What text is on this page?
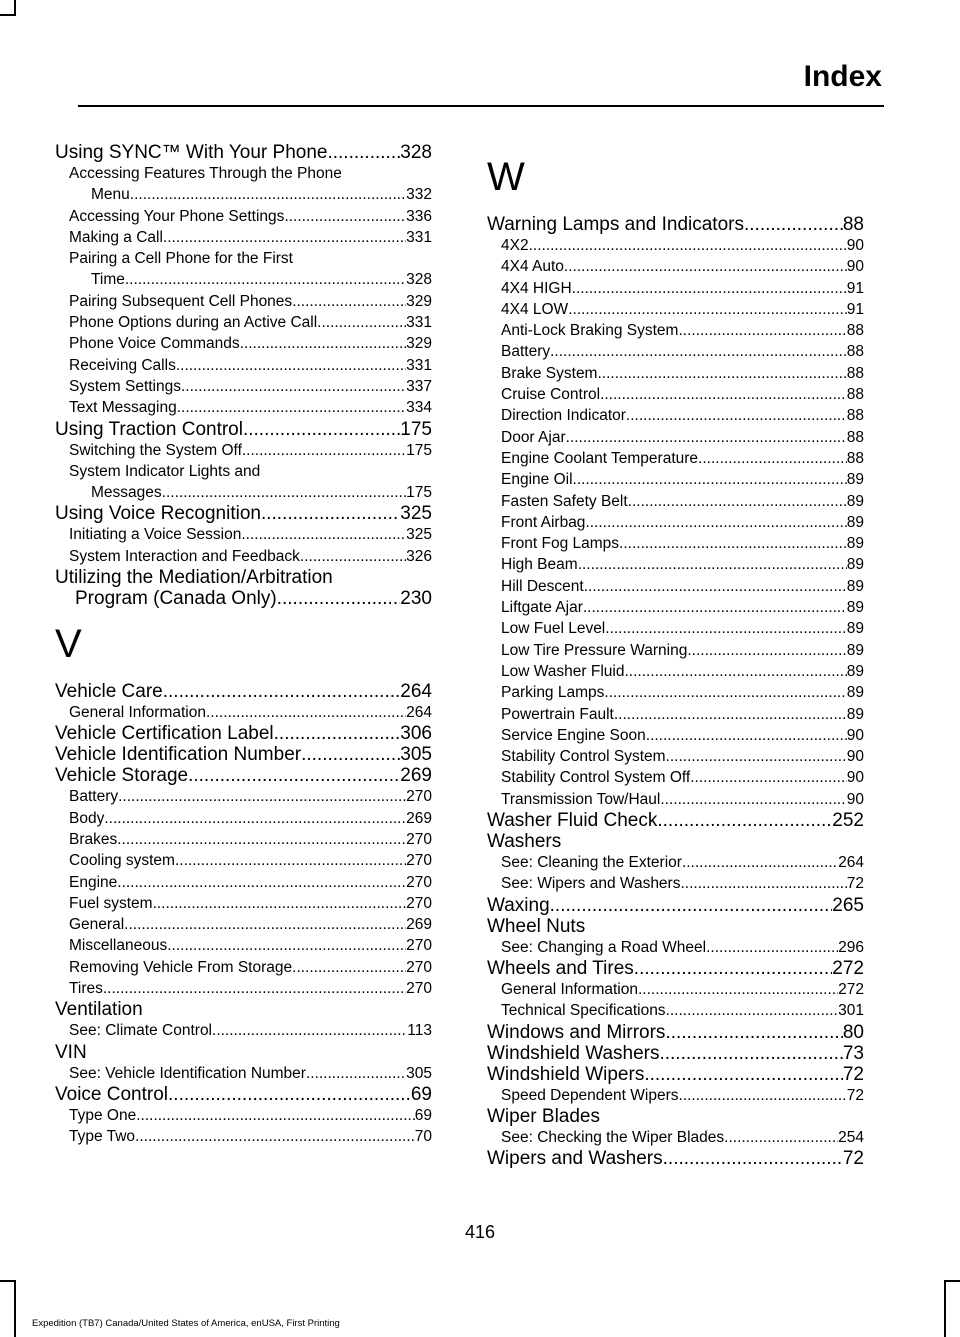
Index
Using SYNC™ With Your Phone .....	328
Accessing Features Through the Phone
Menu .....	332
Accessing Your Phone Settings .....	336
Making a Call .....	331
Pairing a Cell Phone for the First
Time .....	328
Pairing Subsequent Cell Phones .....	329
Phone Options during an Active Call .....	331
Phone Voice Commands .....	329
Receiving Calls .....	331
System Settings .....	337
Text Messaging .....	334
Using Traction Control .....	175
Switching the System Off .....	175
System Indicator Lights and
Messages .....	175
Using Voice Recognition .....	325
Initiating a Voice Session .....	325
System Interaction and Feedback .....	326
Utilizing the Mediation/Arbitration
Program (Canada Only) .....	230
V
Vehicle Care .....	264
General Information .....	264
Vehicle Certification Label .....	306
Vehicle Identification Number .....	305
Vehicle Storage .....	269
Battery .....	270
Body .....	269
Brakes .....	270
Cooling system .....	270
Engine .....	270
Fuel system .....	270
General .....	269
Miscellaneous .....	270
Removing Vehicle From Storage .....	270
Tires .....	270
Ventilation
See: Climate Control .....	113
VIN
See: Vehicle Identification Number .....	305
Voice Control .....	69
Type One .....	69
Type Two .....	70
W
Warning Lamps and Indicators .....	88
4X2 .....	90
4X4 Auto .....	90
4X4 HIGH .....	91
4X4 LOW .....	91
Anti-Lock Braking System .....	88
Battery .....	88
Brake System .....	88
Cruise Control .....	88
Direction Indicator .....	88
Door Ajar .....	88
Engine Coolant Temperature .....	88
Engine Oil .....	89
Fasten Safety Belt .....	89
Front Airbag .....	89
Front Fog Lamps .....	89
High Beam .....	89
Hill Descent .....	89
Liftgate Ajar .....	89
Low Fuel Level .....	89
Low Tire Pressure Warning .....	89
Low Washer Fluid .....	89
Parking Lamps .....	89
Powertrain Fault .....	89
Service Engine Soon .....	90
Stability Control System .....	90
Stability Control System Off .....	90
Transmission Tow/Haul .....	90
Washer Fluid Check .....	252
Washers
See: Cleaning the Exterior .....	264
See: Wipers and Washers .....	72
Waxing .....	265
Wheel Nuts
See: Changing a Road Wheel .....	296
Wheels and Tires .....	272
General Information .....	272
Technical Specifications .....	301
Windows and Mirrors .....	80
Windshield Washers .....	73
Windshield Wipers .....	72
Speed Dependent Wipers .....	72
Wiper Blades
See: Checking the Wiper Blades .....	254
Wipers and Washers .....	72
416
Expedition (TB7) Canada/United States of America, enUSA, First Printing
